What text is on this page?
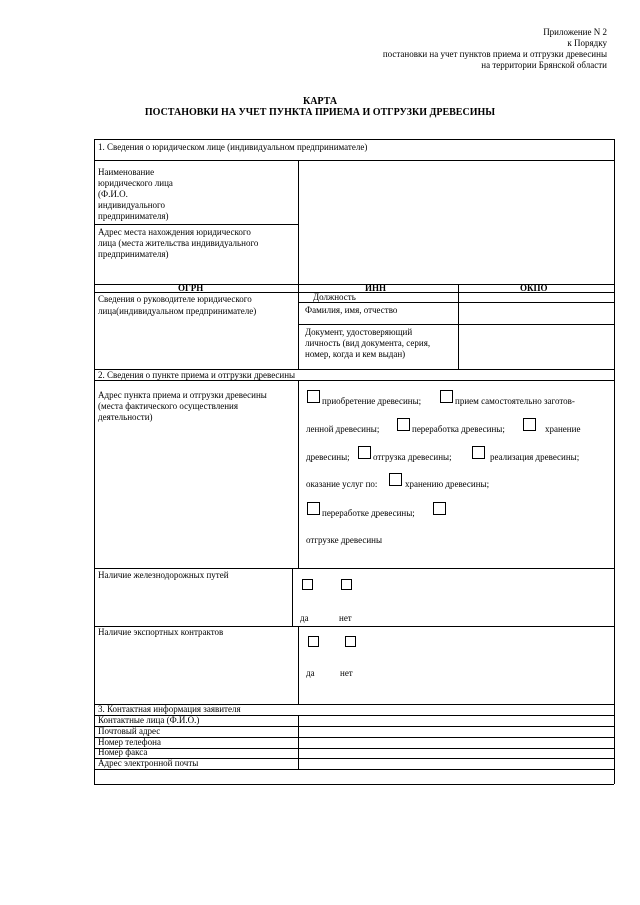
Приложение N 2
к Порядку
постановки на учет пунктов приема и отгрузки древесины
на территории Брянской области
КАРТА
ПОСТАНОВКИ НА УЧЕТ ПУНКТА ПРИЕМА И ОТГРУЗКИ ДРЕВЕСИНЫ
1. Сведения о юридическом лице (индивидуальном предпринимателе)
Наименование
юридического лица
(Ф.И.О.
индивидуального
предпринимателя)
Адрес места нахождения юридического
лица (места жительства индивидуального
предпринимателя)
ОГРН	ИНН	ОКПО
Сведения о руководителе юридического
лица(индивидуальном предпринимателе)
Должность
Фамилия, имя, отчество
Документ, удостоверяющий
личность (вид документа, серия,
номер, когда и кем выдан)
2. Сведения о пункте приема и отгрузки древесины
Адрес пункта приема и отгрузки древесины
(места фактического осуществления
деятельности)
приобретение древесины;	прием самостоятельно заготов-
ленной древесины;	переработка древесины;	хранение
древесины;	отгрузка древесины;	реализация древесины;
оказание услуг по:	хранению древесины;
переработке древесины;
отгрузке древесины
Наличие железнодорожных путей
да	нет
Наличие экспортных контрактов
да	нет
3. Контактная информация заявителя
Контактные лица (Ф.И.О.)
Почтовый адрес
Номер телефона
Номер факса
Адрес электронной почты
